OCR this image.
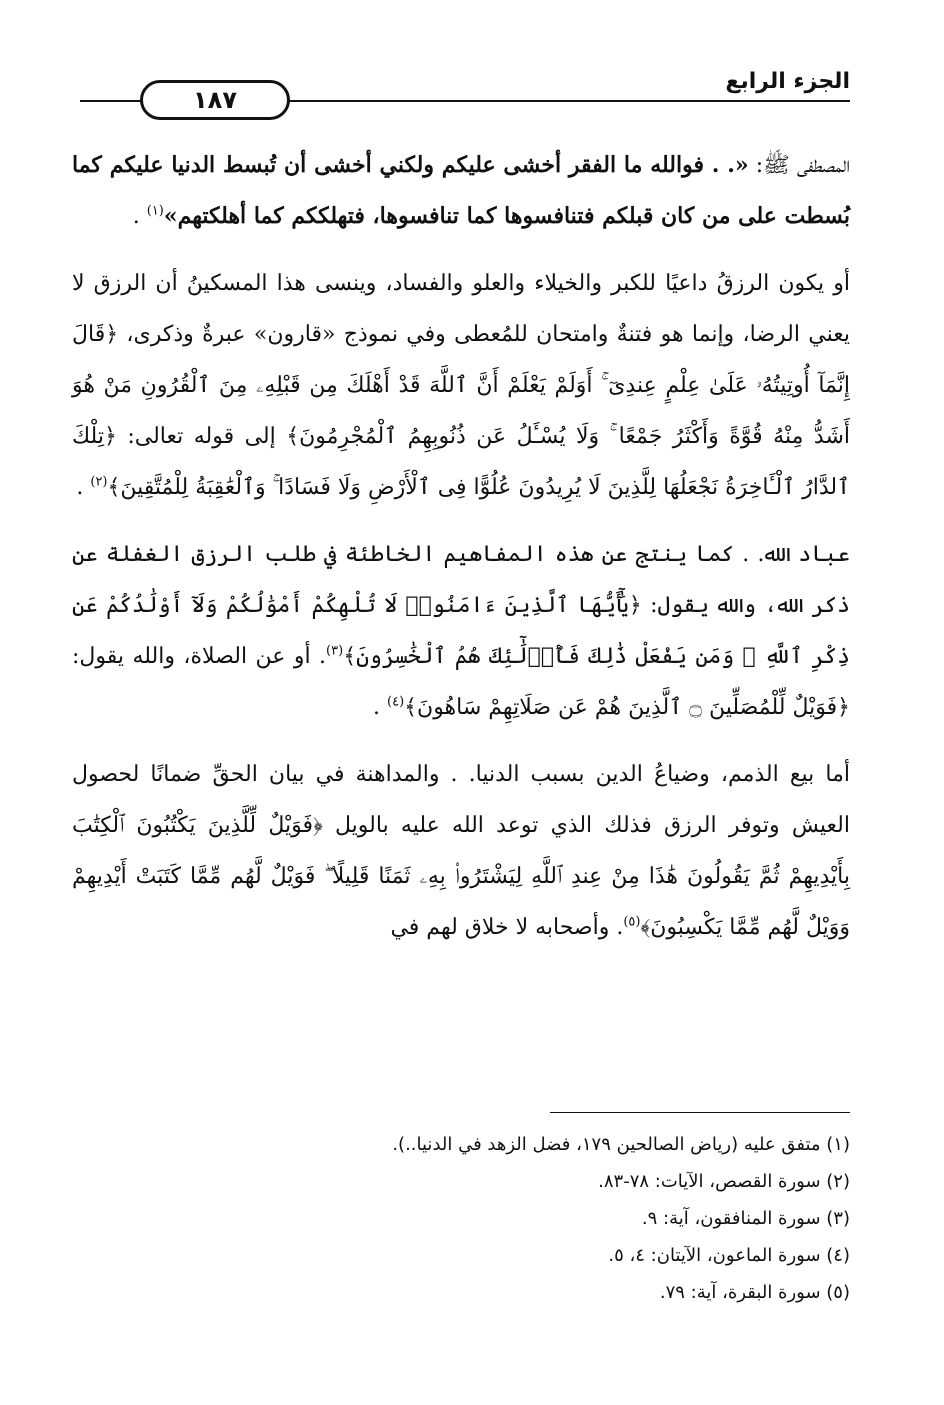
الجزء الرابع
١٨٧

المصطفى ﷺ: «. . فوالله ما الفقر أخشى عليكم ولكني أخشى أن تُبسط الدنيا عليكم كما بُسطت على من كان قبلكم فتنافسوها كما تنافسوها، فتهلككم كما أهلكتهم»$^{(١)}$ .

أو يكون الرزقُ داعيًا للكبر والخيلاء والعلو والفساد، وينسى هذا المسكينُ أن الرزق لا يعني الرضا، وإنما هو فتنةٌ وامتحان للمُعطى وفي نموذج «قارون» عبرةٌ وذكرى، ﴿قَالَ إِنَّمَآ أُوتِيتُهُۥ عَلَىٰ عِلْمٍ عِندِىٓ ۚ أَوَلَمْ يَعْلَمْ أَنَّ ٱللَّهَ قَدْ أَهْلَكَ مِن قَبْلِهِۦ مِنَ ٱلْقُرُونِ مَنْ هُوَ أَشَدُّ مِنْهُ قُوَّةً وَأَكْثَرُ جَمْعًا ۚ وَلَا يُسْـَٔلُ عَن ذُنُوبِهِمُ ٱلْمُجْرِمُونَ﴾ إلى قوله تعالى: ﴿تِلْكَ ٱلدَّارُ ٱلْـَٔاخِرَةُ نَجْعَلُهَا لِلَّذِينَ لَا يُرِيدُونَ عُلُوًّا فِى ٱلْأَرْضِ وَلَا فَسَادًا ۚ وَٱلْعَٰقِبَةُ لِلْمُتَّقِينَ﴾$^{(٢)}$ .

عباد الله. . كما ينتج عن هذه المفاهيم الخاطئة في طلب الرزق الغفلة عن ذكر الله، والله يقول: ﴿يَٰٓأَيُّهَا ٱلَّذِينَ ءَامَنُوا۟ لَا تُلْهِكُمْ أَمْوَٰلُكُمْ وَلَآ أَوْلَٰدُكُمْ عَن ذِكْرِ ٱللَّهِ ۚ وَمَن يَفْعَلْ ذَٰلِكَ فَأُو۟لَٰٓئِكَ هُمُ ٱلْخَٰسِرُونَ﴾$^{(٣)}$. أو عن الصلاة، والله يقول: ﴿فَوَيْلٌ لِّلْمُصَلِّينَ ۝ ٱلَّذِينَ هُمْ عَن صَلَاتِهِمْ سَاهُونَ﴾$^{(٤)}$ .

أما بيع الذمم، وضياعُ الدين بسبب الدنيا. . والمداهنة في بيان الحقِّ ضمانًا لحصول العيش وتوفر الرزق فذلك الذي توعد الله عليه بالويل ﴿فَوَيْلٌ لِّلَّذِينَ يَكْتُبُونَ ٱلْكِتَٰبَ بِأَيْدِيهِمْ ثُمَّ يَقُولُونَ هَٰذَا مِنْ عِندِ ٱللَّهِ لِيَشْتَرُوا۟ بِهِۦ ثَمَنًا قَلِيلًا ۖ فَوَيْلٌ لَّهُم مِّمَّا كَتَبَتْ أَيْدِيهِمْ وَوَيْلٌ لَّهُم مِّمَّا يَكْسِبُونَ﴾$^{(٥)}$. وأصحابه لا خلاق لهم في

(١) متفق عليه (رياض الصالحين ١٧٩، فضل الزهد في الدنيا..).
(٢) سورة القصص، الآيات: ٧٨-٨٣.
(٣) سورة المنافقون، آية: ٩.
(٤) سورة الماعون، الآيتان: ٤، ٥.
(٥) سورة البقرة، آية: ٧٩.
